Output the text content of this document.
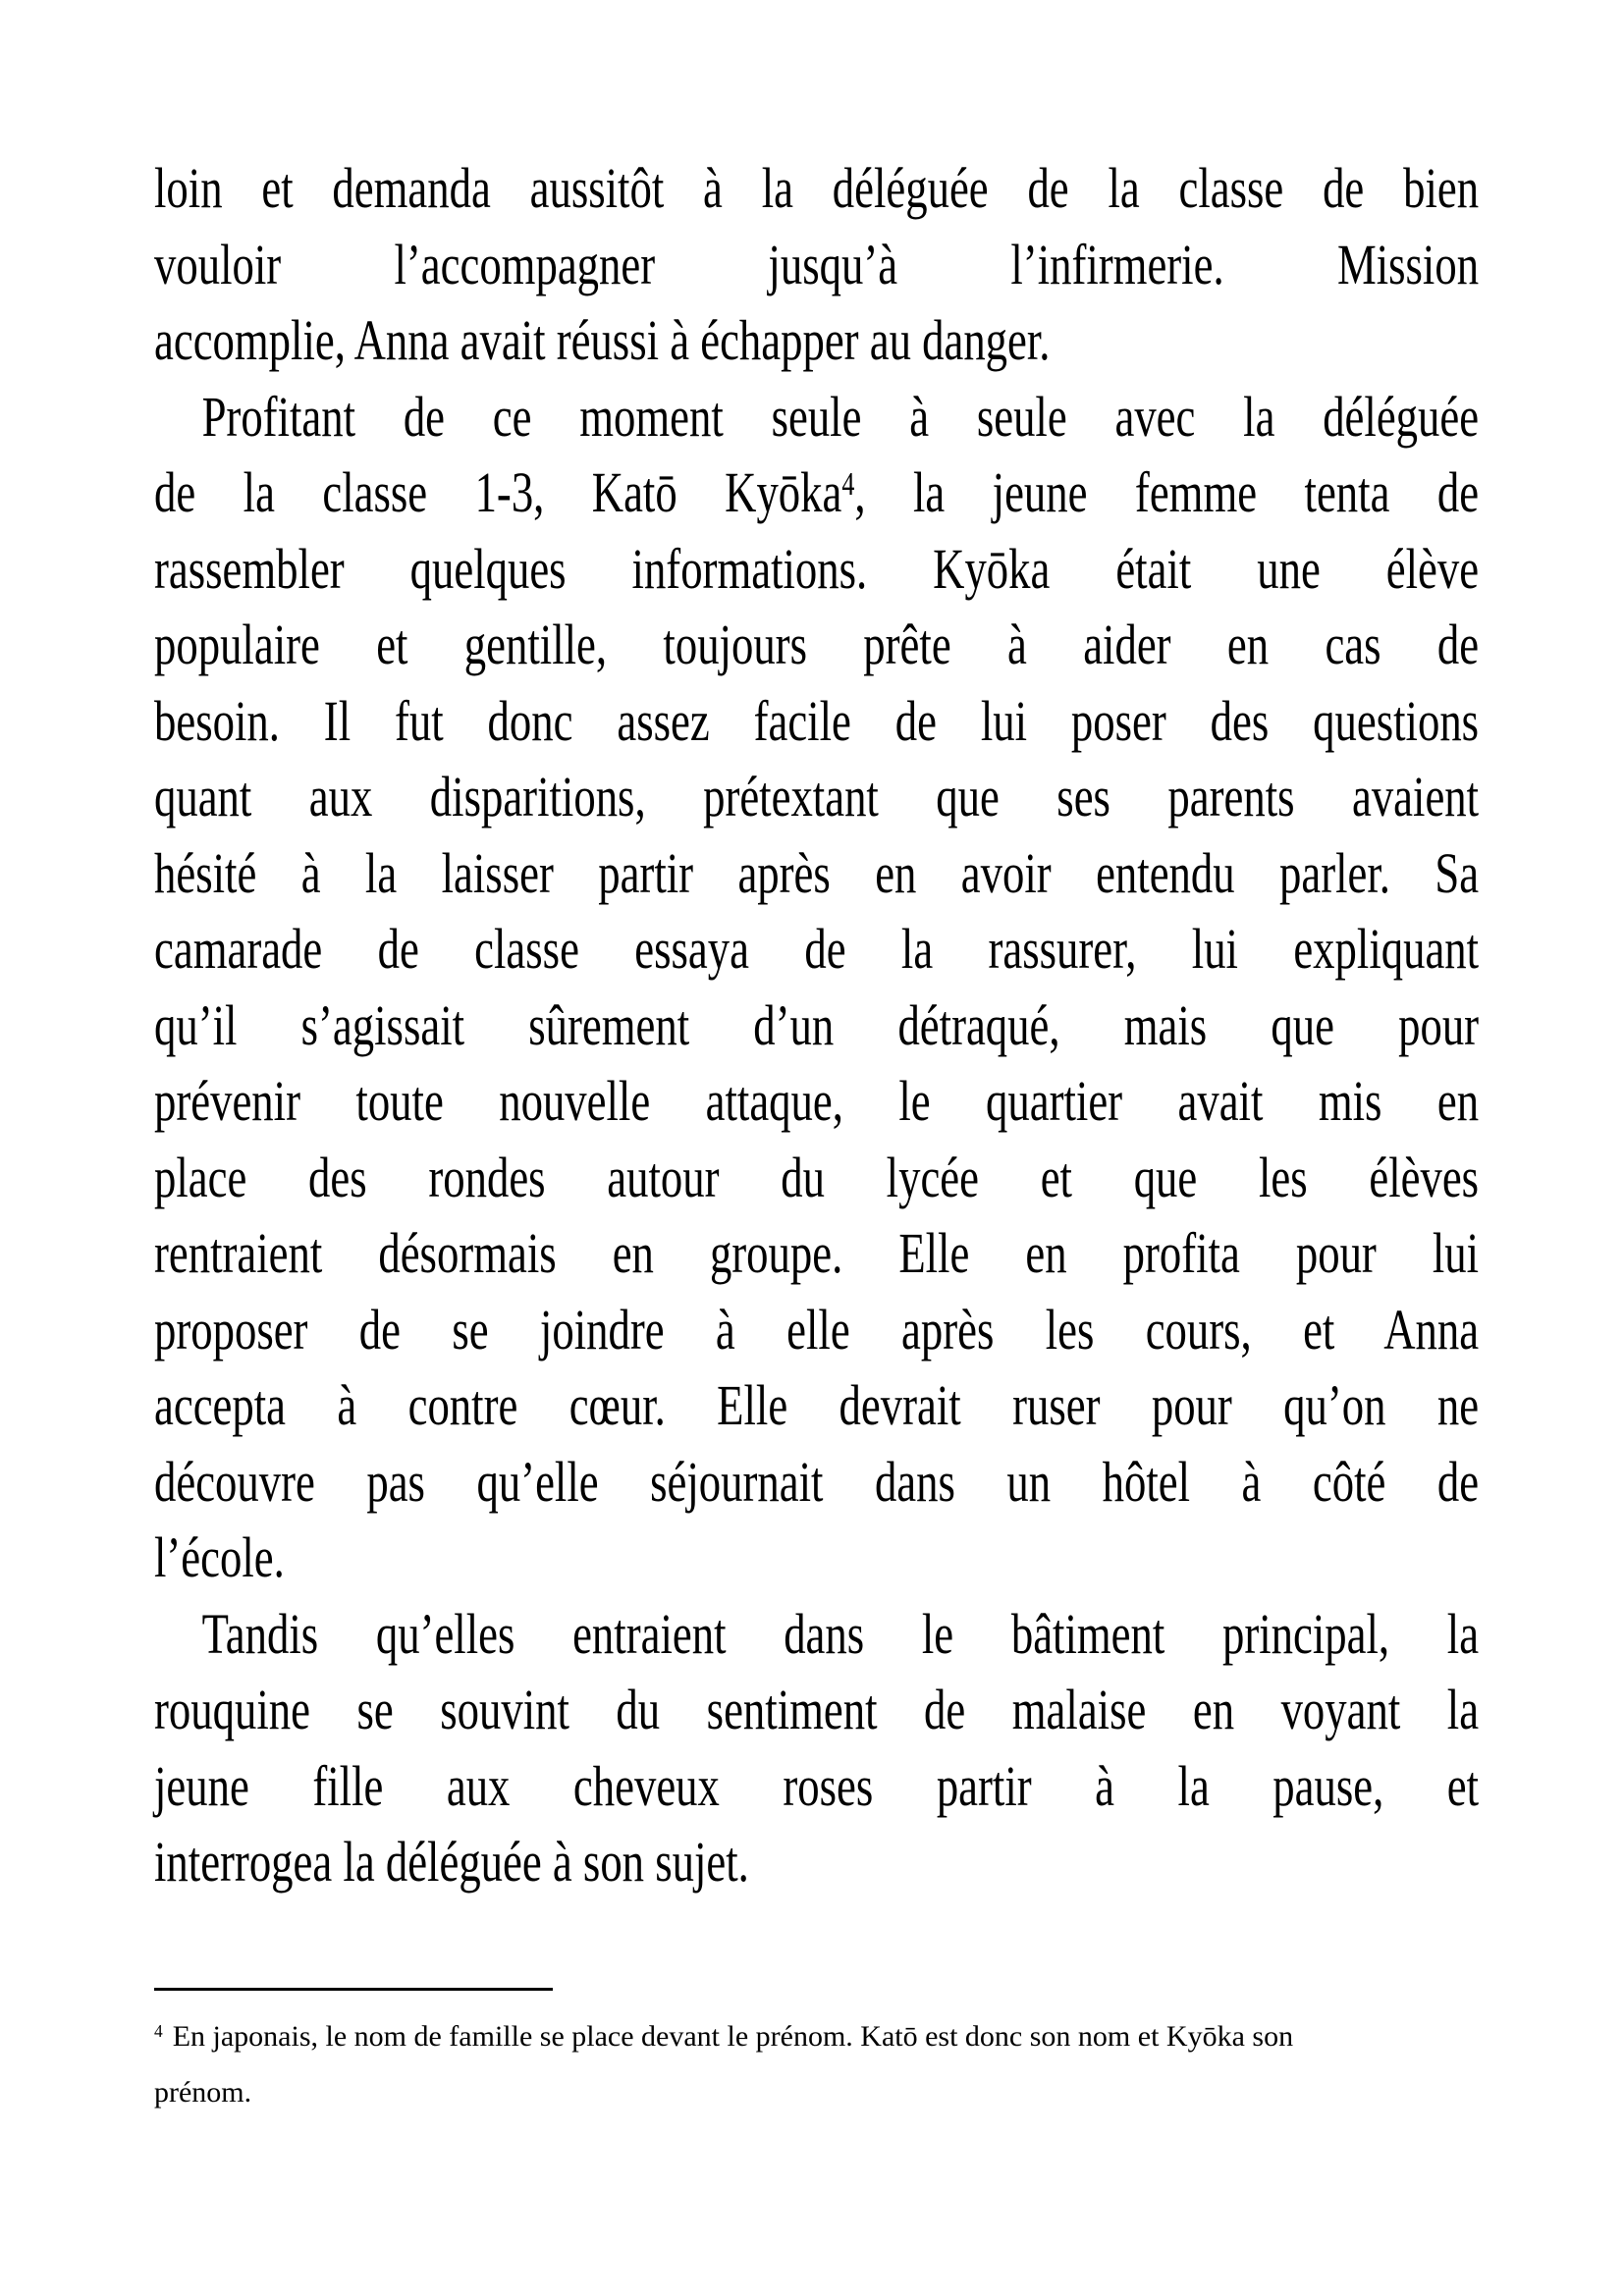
loin et demanda aussitôt à la déléguée de la classe de bien
vouloir l’accompagner jusqu’à l’infirmerie. Mission
accomplie, Anna avait réussi à échapper au danger.
Profitant de ce moment seule à seule avec la déléguée
de la classe 1-3, Katō Kyōka$^4$, la jeune femme tenta de
rassembler quelques informations. Kyōka était une élève
populaire et gentille, toujours prête à aider en cas de
besoin. Il fut donc assez facile de lui poser des questions
quant aux disparitions, prétextant que ses parents avaient
hésité à la laisser partir après en avoir entendu parler. Sa
camarade de classe essaya de la rassurer, lui expliquant
qu’il s’agissait sûrement d’un détraqué, mais que pour
prévenir toute nouvelle attaque, le quartier avait mis en
place des rondes autour du lycée et que les élèves
rentraient désormais en groupe. Elle en profita pour lui
proposer de se joindre à elle après les cours, et Anna
accepta à contre cœur. Elle devrait ruser pour qu’on ne
découvre pas qu’elle séjournait dans un hôtel à côté de
l’école.
Tandis qu’elles entraient dans le bâtiment principal, la
rouquine se souvint du sentiment de malaise en voyant la
jeune fille aux cheveux roses partir à la pause, et
interrogea la déléguée à son sujet.
$^4$ En japonais, le nom de famille se place devant le prénom. Katō est donc son nom et Kyōka son
prénom.
